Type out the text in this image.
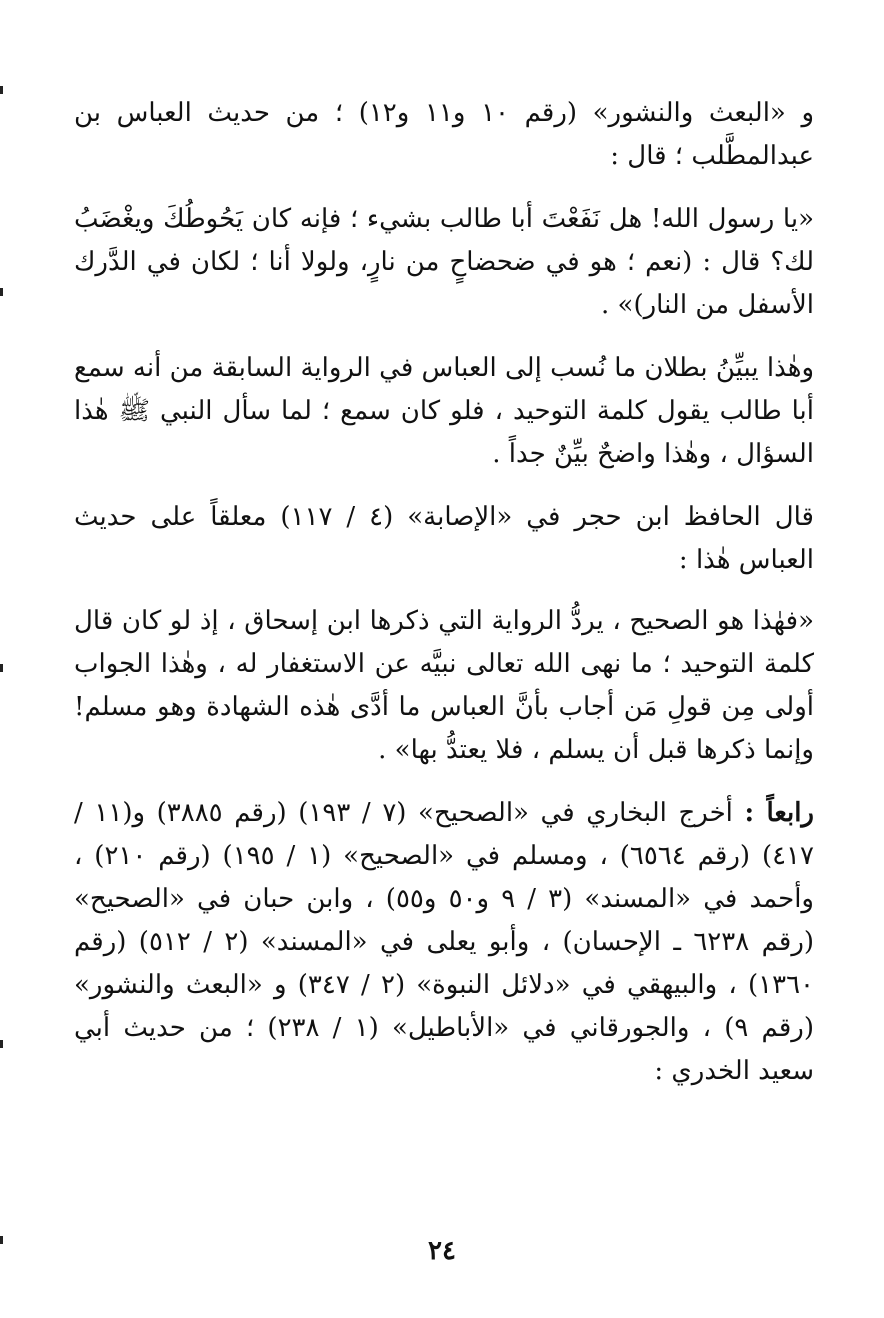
و «البعث والنشور» (رقم ١٠ و١١ و١٢) ؛ من حديث العباس بن عبدالمطَّلب ؛ قال :

«يا رسول الله! هل نَفَعْتَ أبا طالب بشيء ؛ فإنه كان يَحُوطُكَ ويغْضَبُ لك؟ قال : (نعم ؛ هو في ضحضاحٍ من نارٍ، ولولا أنا ؛ لكان في الدَّرك الأسفل من النار)» .

وهٰذا يبيِّنُ بطلان ما نُسب إلى العباس في الرواية السابقة من أنه سمع أبا طالب يقول كلمة التوحيد ، فلو كان سمع ؛ لما سأل النبي ﷺ هٰذا السؤال ، وهٰذا واضحٌ بيِّنٌ جداً .

قال الحافظ ابن حجر في «الإصابة» (٤ / ١١٧) معلقاً على حديث العباس هٰذا :

«فهٰذا هو الصحيح ، يردُّ الرواية التي ذكرها ابن إسحاق ، إذ لو كان قال كلمة التوحيد ؛ ما نهى الله تعالى نبيَّه عن الاستغفار له ، وهٰذا الجواب أولى مِن قولِ مَن أجاب بأنَّ العباس ما أدَّى هٰذه الشهادة وهو مسلم! وإنما ذكرها قبل أن يسلم ، فلا يعتدُّ بها» .

رابعاً : أخرج البخاري في «الصحيح» (٧ / ١٩٣) (رقم ٣٨٨٥) و(١١ / ٤١٧) (رقم ٦٥٦٤) ، ومسلم في «الصحيح» (١ / ١٩٥) (رقم ٢١٠) ، وأحمد في «المسند» (٣ / ٩ و٥٠ و٥٥) ، وابن حبان في «الصحيح» (رقم ٦٢٣٨ ـ الإحسان) ، وأبو يعلى في «المسند» (٢ / ٥١٢) (رقم ١٣٦٠) ، والبيهقي في «دلائل النبوة» (٢ / ٣٤٧) و «البعث والنشور» (رقم ٩) ، والجورقاني في «الأباطيل» (١ / ٢٣٨) ؛ من حديث أبي سعيد الخدري :

٢٤
